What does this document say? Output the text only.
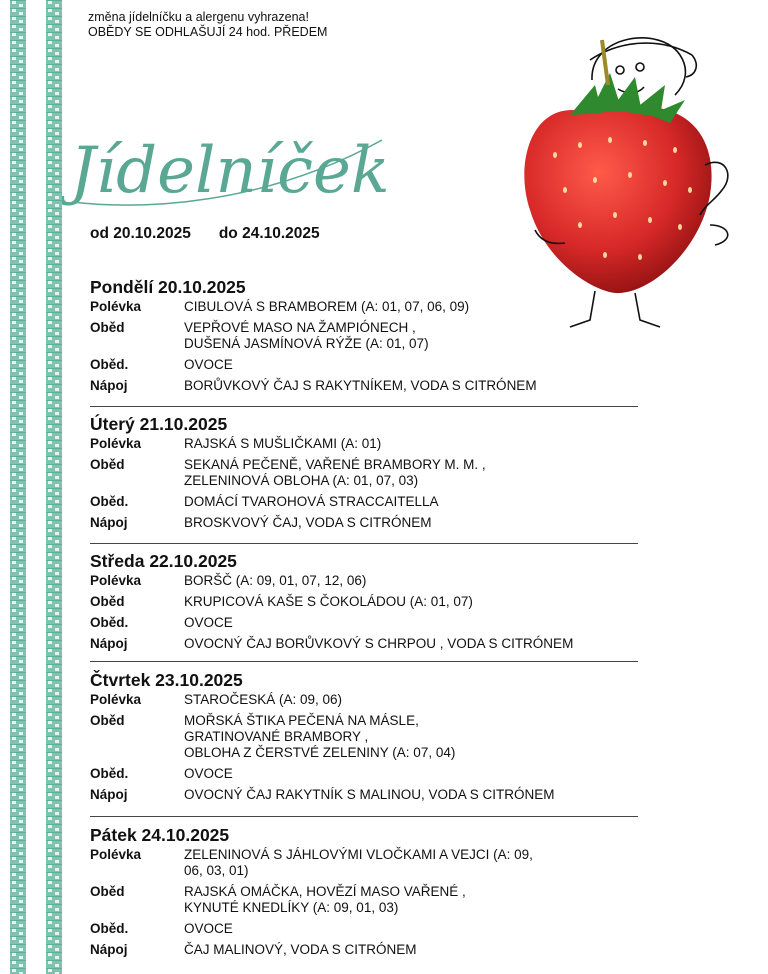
změna jídelníčku a alergenu vyhrazena!
OBĚDY SE ODHLAŠUJÍ 24 hod. PŘEDEM
Jídelníček
od 20.10.2025 do 24.10.2025
Pondělí 20.10.2025
Polévka	CIBULOVÁ S BRAMBOREM (A: 01, 07, 06, 09)
Oběd	VEPŘOVÉ MASO NA ŽAMPIÓNECH ,
DUŠENÁ JASMÍNOVÁ RÝŽE (A: 01, 07)
Oběd.	OVOCE
Nápoj	BORŮVKOVÝ ČAJ S RAKYTNÍKEM, VODA S CITRÓNEM
Úterý 21.10.2025
Polévka	RAJSKÁ S MUŠLIČKAMI (A: 01)
Oběd	SEKANÁ PEČENĚ, VAŘENÉ BRAMBORY M. M. ,
ZELENINOVÁ OBLOHA (A: 01, 07, 03)
Oběd.	DOMÁCÍ TVAROHOVÁ STRACCAITELLA
Nápoj	BROSKVOVÝ ČAJ, VODA S CITRÓNEM
Středa 22.10.2025
Polévka	BORŠČ (A: 09, 01, 07, 12, 06)
Oběd	KRUPICOVÁ KAŠE S ČOKOLÁDOU (A: 01, 07)
Oběd.	OVOCE
Nápoj	OVOCNÝ ČAJ BORŮVKOVÝ S CHRPOU , VODA S CITRÓNEM
Čtvrtek 23.10.2025
Polévka	STAROČESKÁ (A: 09, 06)
Oběd	MOŘSKÁ ŠTIKA PEČENÁ NA MÁSLE,
GRATINOVANÉ BRAMBORY ,
OBLOHA Z ČERSTVÉ ZELENINY (A: 07, 04)
Oběd.	OVOCE
Nápoj	OVOCNÝ ČAJ RAKYTNÍK S MALINOU, VODA S CITRÓNEM
Pátek 24.10.2025
Polévka	ZELENINOVÁ S JÁHLOVÝMI VLOČKAMI A VEJCI (A: 09,
06, 03, 01)
Oběd	RAJSKÁ OMÁČKA, HOVĚZÍ MASO VAŘENÉ ,
KYNUTÉ KNEDLÍKY (A: 09, 01, 03)
Oběd.	OVOCE
Nápoj	ČAJ MALINOVÝ, VODA S CITRÓNEM
